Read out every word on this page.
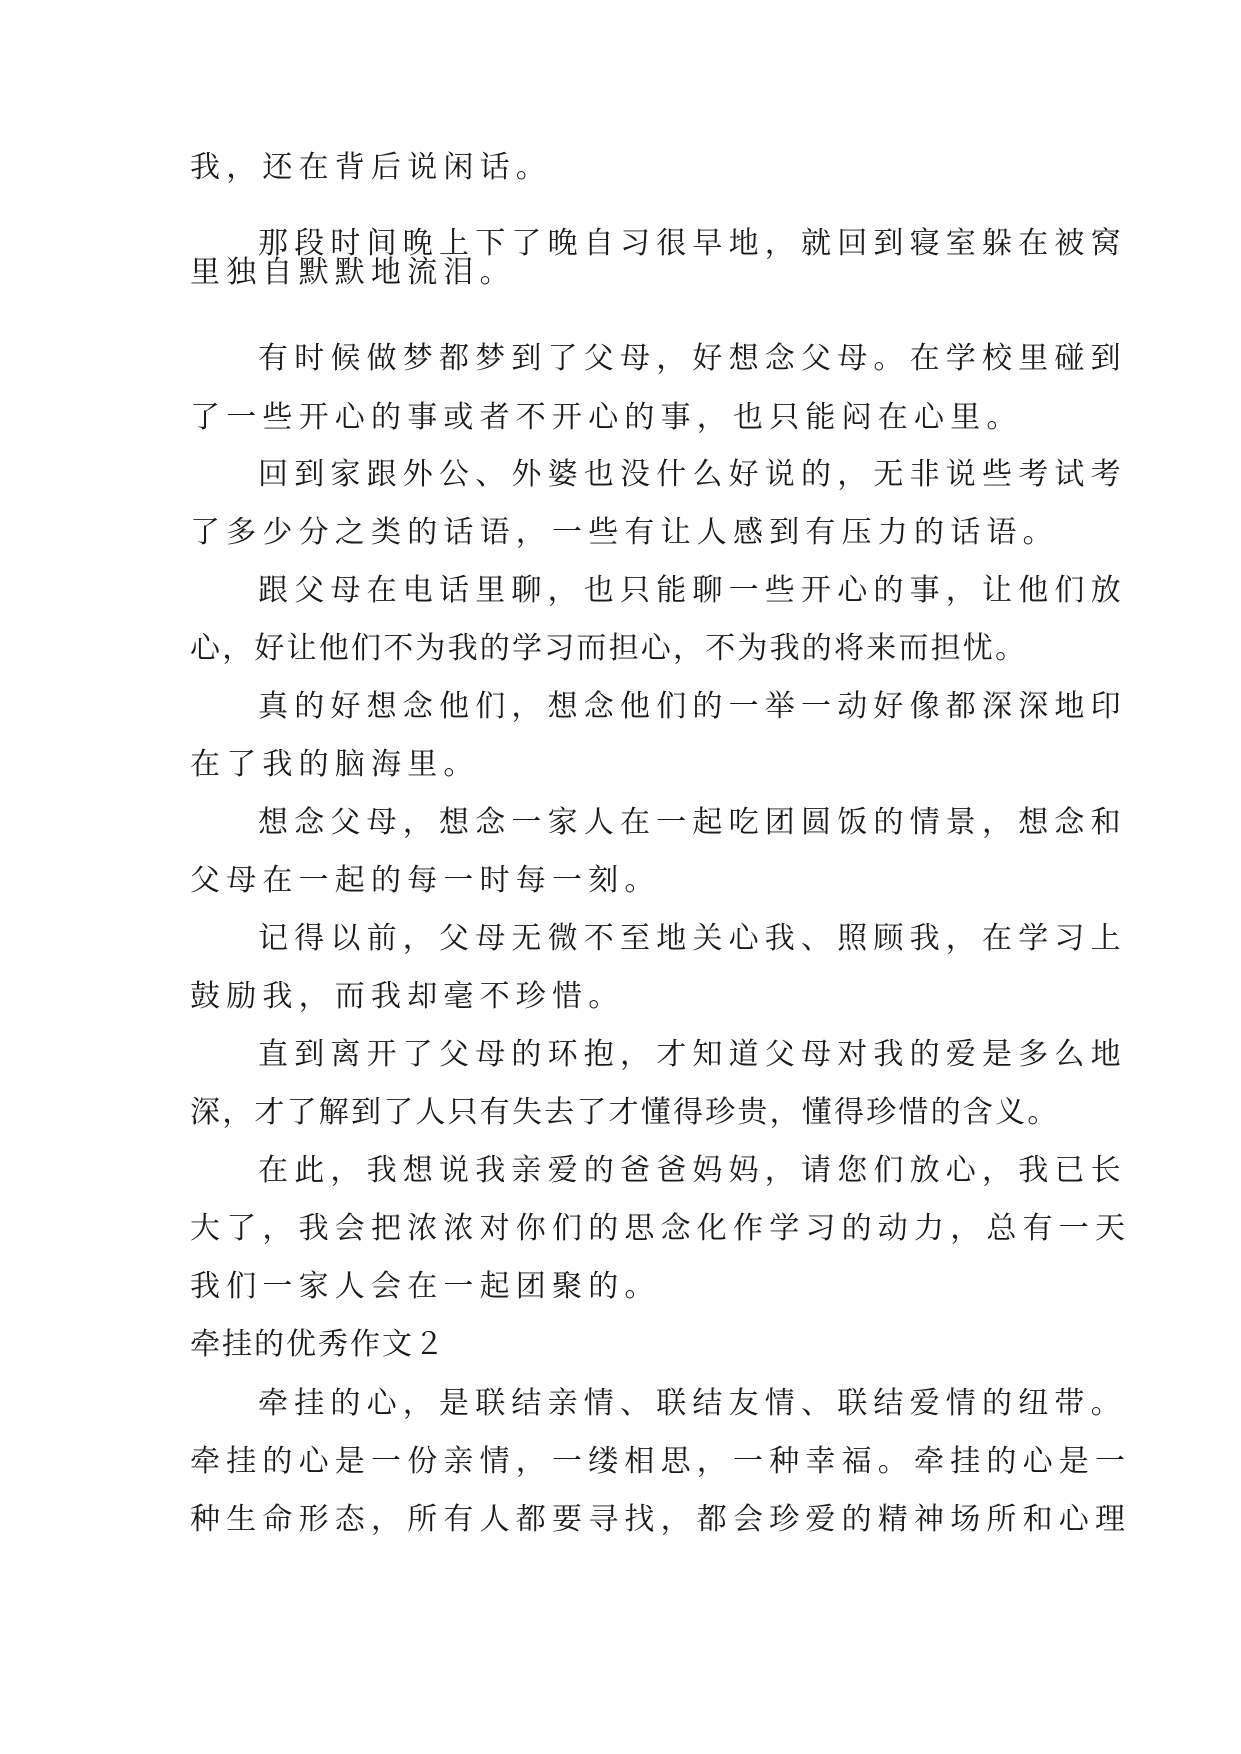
我，还在背后说闲话。
那段时间晚上下了晚自习很早地，就回到寝室躲在被窝
里独自默默地流泪。
有时候做梦都梦到了父母，好想念父母。在学校里碰到
了一些开心的事或者不开心的事，也只能闷在心里。
回到家跟外公、外婆也没什么好说的，无非说些考试考
了多少分之类的话语，一些有让人感到有压力的话语。
跟父母在电话里聊，也只能聊一些开心的事，让他们放
心，好让他们不为我的学习而担心，不为我的将来而担忧。
真的好想念他们，想念他们的一举一动好像都深深地印
在了我的脑海里。
想念父母，想念一家人在一起吃团圆饭的情景，想念和
父母在一起的每一时每一刻。
记得以前，父母无微不至地关心我、照顾我，在学习上
鼓励我，而我却毫不珍惜。
直到离开了父母的环抱，才知道父母对我的爱是多么地
深，才了解到了人只有失去了才懂得珍贵，懂得珍惜的含义。
在此，我想说我亲爱的爸爸妈妈，请您们放心，我已长
大了，我会把浓浓对你们的思念化作学习的动力，总有一天
我们一家人会在一起团聚的。
牵挂的优秀作文２
牵挂的心，是联结亲情、联结友情、联结爱情的纽带。
牵挂的心是一份亲情，一缕相思，一种幸福。牵挂的心是一
种生命形态，所有人都要寻找，都会珍爱的精神场所和心理
